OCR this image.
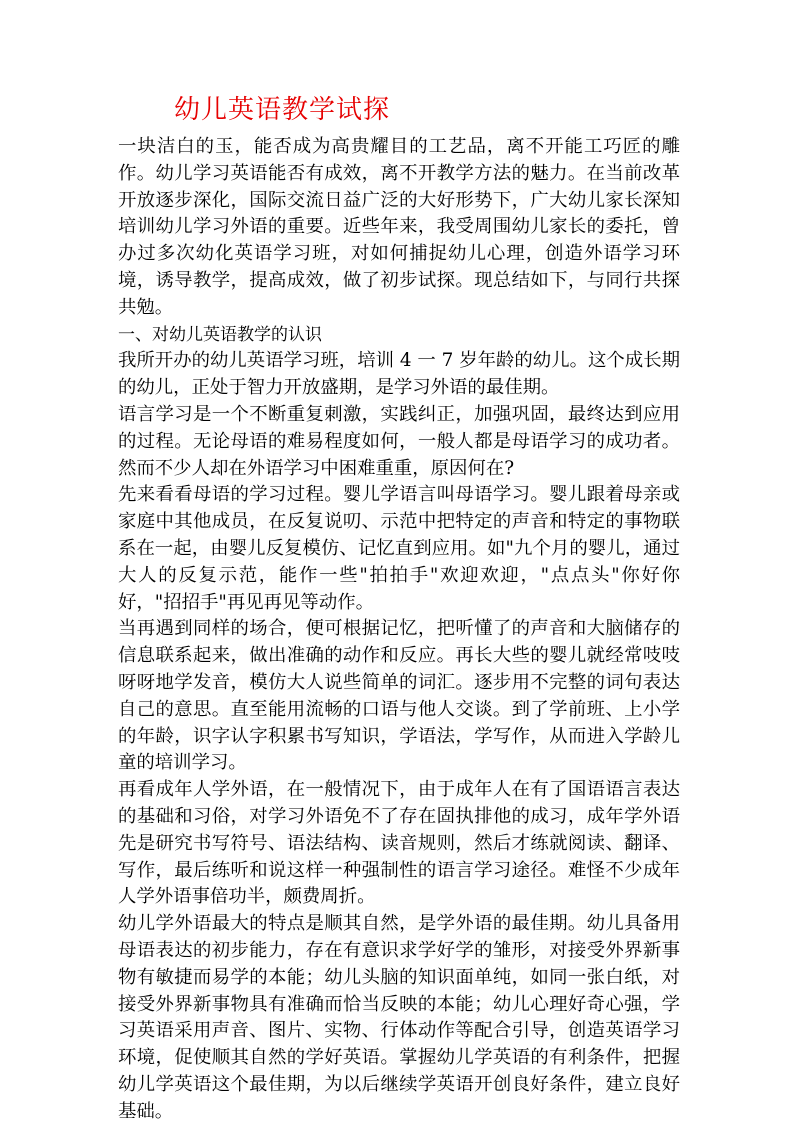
幼儿英语教学试探

一块洁白的玉，能否成为高贵耀目的工艺品，离不开能工巧匠的雕作。幼儿学习英语能否有成效，离不开教学方法的魅力。在当前改革开放逐步深化，国际交流日益广泛的大好形势下，广大幼儿家长深知培训幼儿学习外语的重要。近些年来，我受周围幼儿家长的委托，曾办过多次幼化英语学习班，对如何捕捉幼儿心理，创造外语学习环境，诱导教学，提高成效，做了初步试探。现总结如下，与同行共探共勉。

一、对幼儿英语教学的认识

我所开办的幼儿英语学习班，培训 4 一 7 岁年龄的幼儿。这个成长期的幼儿，正处于智力开放盛期，是学习外语的最佳期。

语言学习是一个不断重复刺激，实践纠正，加强巩固，最终达到应用的过程。无论母语的难易程度如何，一般人都是母语学习的成功者。然而不少人却在外语学习中困难重重，原因何在?

先来看看母语的学习过程。婴儿学语言叫母语学习。婴儿跟着母亲或家庭中其他成员，在反复说叨、示范中把特定的声音和特定的事物联系在一起，由婴儿反复模仿、记忆直到应用。如"九个月的婴儿，通过大人的反复示范，能作一些"拍拍手"欢迎欢迎，"点点头"你好你好，"招招手"再见再见等动作。

当再遇到同样的场合，便可根据记忆，把听懂了的声音和大脑储存的信息联系起来，做出准确的动作和反应。再长大些的婴儿就经常吱吱呀呀地学发音，模仿大人说些简单的词汇。逐步用不完整的词句表达自己的意思。直至能用流畅的口语与他人交谈。到了学前班、上小学的年龄，识字认字积累书写知识，学语法，学写作，从而进入学龄儿童的培训学习。

再看成年人学外语，在一般情况下，由于成年人在有了国语语言表达的基础和习俗，对学习外语免不了存在固执排他的成习，成年学外语先是研究书写符号、语法结构、读音规则，然后才练就阅读、翻译、写作，最后练听和说这样一种强制性的语言学习途径。难怪不少成年人学外语事倍功半，颇费周折。

幼儿学外语最大的特点是顺其自然，是学外语的最佳期。幼儿具备用母语表达的初步能力，存在有意识求学好学的雏形，对接受外界新事物有敏捷而易学的本能；幼儿头脑的知识面单纯，如同一张白纸，对接受外界新事物具有准确而恰当反映的本能；幼儿心理好奇心强，学习英语采用声音、图片、实物、行体动作等配合引导，创造英语学习环境，促使顺其自然的学好英语。掌握幼儿学英语的有利条件，把握幼儿学英语这个最佳期，为以后继续学英语开创良好条件，建立良好基础。
